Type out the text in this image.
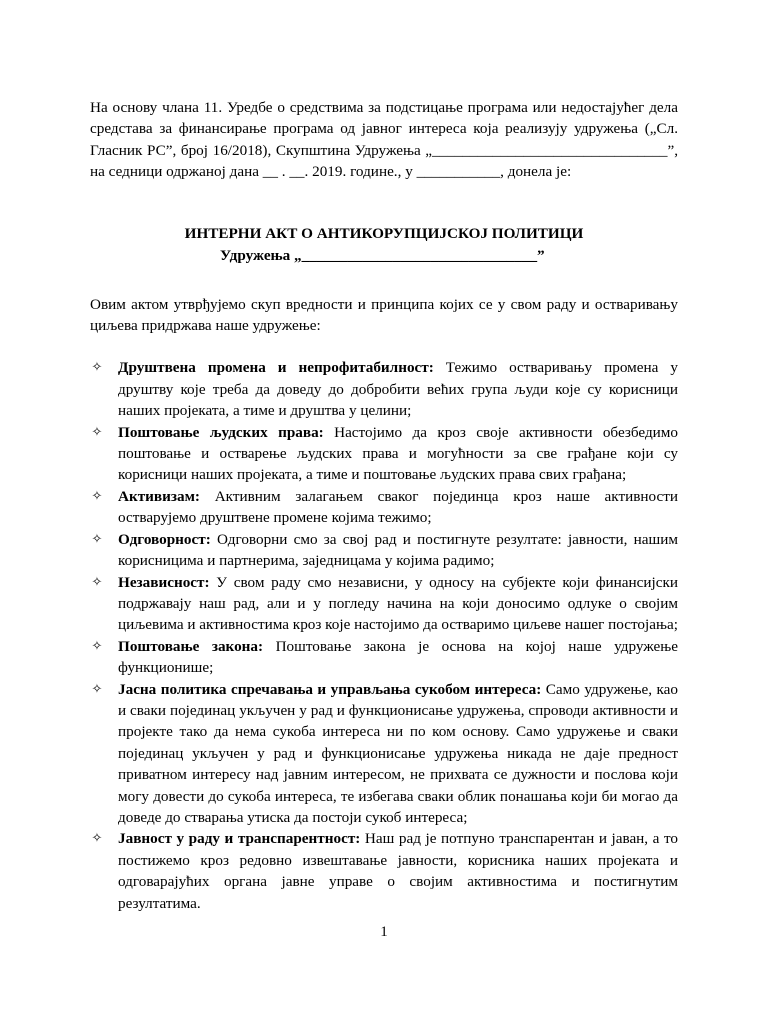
На основу члана 11. Уредбе о средствима за подстицање програма или недостајућег дела средстава за финансирање програма од јавног интереса која реализују удружења („Сл. Гласник РС”, број 16/2018), Скупштина Удружења „_______________________________”, на седници одржаној дана __ . __. 2019. године., у ___________, донела је:

ИНТЕРНИ АКТ О АНТИКОРУПЦИЈСКОЈ ПОЛИТИЦИ
Удружења „_______________________________”

Овим актом утврђујемо скуп вредности и принципа којих се у свом раду и остваривању циљева придржава наше удружење:

✧ Друштвена промена и непрофитабилност: Тежимо остваривању промена у друштву које треба да доведу до добробити већих група људи које су корисници наших пројеката, а тиме и друштва у целини;
✧ Поштовање људских права: Настојимо да кроз своје активности обезбедимо поштовање и остварење људских права и могућности за све грађане који су корисници наших пројеката, а тиме и поштовање људских права свих грађана;
✧ Активизам: Активним залагањем сваког појединца кроз наше активности остварујемо друштвене промене којима тежимо;
✧ Одговорност: Одговорни смо за свој рад и постигнуте резултате: јавности, нашим корисницима и партнерима, заједницама у којима радимо;
✧ Независност: У свом раду смо независни, у односу на субјекте који финансијски подржавају наш рад, али и у погледу начина на који доносимо одлуке о својим циљевима и активностима кроз које настојимо да остваримо циљеве нашег постојања;
✧ Поштовање закона: Поштовање закона је основа на којој наше удружење функционише;
✧ Јасна политика спречавања и управљања сукобом интереса: Само удружење, као и сваки појединац укључен у рад и функционисање удружења, спроводи активности и пројекте тако да нема сукоба интереса ни по ком основу. Само удружење и сваки појединац укључен у рад и функционисање удружења никада не даје предност приватном интересу над јавним интересом, не прихвата се дужности и послова који могу довести до сукоба интереса, те избегава сваки облик понашања који би могао да доведе до стварања утиска да постоји сукоб интереса;
✧ Јавност у раду и транспарентност: Наш рад је потпуно транспарентан и јаван, а то постижемо кроз редовно извештавање јавности, корисника наших пројеката и одговарајућих органа јавне управе о својим активностима и постигнутим резултатима.
1
